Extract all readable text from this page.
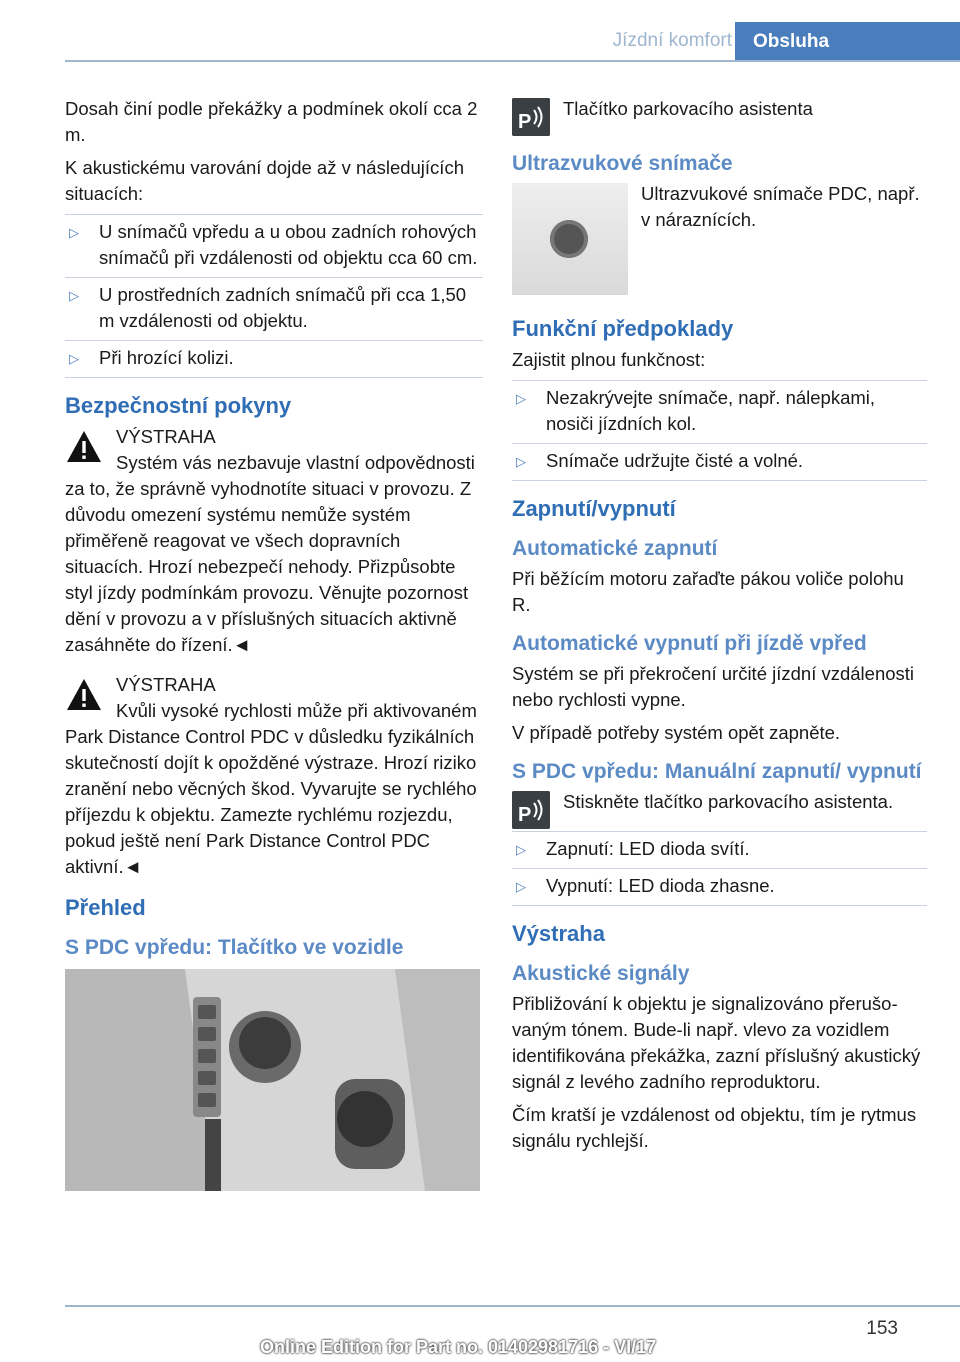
Jízdní komfort	Obsluha

Dosah činí podle překážky a podmínek okolí cca 2 m.

K akustickému varování dojde až v následujících situacích:

▷ U snímačů vpředu a u obou zadních rohových snímačů při vzdálenosti od objektu cca 60 cm.
▷ U prostředních zadních snímačů při cca 1,50 m vzdálenosti od objektu.
▷ Při hrozící kolizi.
Bezpečnostní pokyny

VÝSTRAHA

Systém vás nezbavuje vlastní odpovědnosti za to, že správně vyhodnotíte situaci v provozu. Z důvodu omezení systému nemůže systém přiměřeně reagovat ve všech dopravních situacích. Hrozí nebezpečí nehody. Přizpůsobte styl jízdy podmínkám provozu. Věnujte pozornost dění v provozu a v příslušných situacích aktivně zasáhněte do řízení.◄

VÝSTRAHA

Kvůli vysoké rychlosti může při aktivovaném Park Distance Control PDC v důsledku fyzikálních skutečností dojít k opožděné výstraze. Hrozí riziko zranění nebo věcných škod. Vyvarujte se rychlého příjezdu k objektu. Zamezte rychlému rozjezdu, pokud ještě není Park Distance Control PDC aktivní.◄

Přehled
S PDC vpředu: Tlačítko ve vozidle
P

Tlačítko parkovacího asistenta

Ultrazvukové snímače

Ultrazvukové snímače PDC, např. v náraznících.

Funkční předpoklady

Zajistit plnou funkčnost:

▷ Nezakrývejte snímače, např. nálepkami, nosiči jízdních kol.
▷ Snímače udržujte čisté a volné.
Zapnutí/vypnutí
Automatické zapnutí

Při běžícím motoru zařaďte pákou voliče polohu R.

Automatické vypnutí při jízdě vpřed

Systém se při překročení určité jízdní vzdálenosti nebo rychlosti vypne.

V případě potřeby systém opět zapněte.

S PDC vpředu: Manuální zapnutí/ vypnutí
P

Stiskněte tlačítko parkovacího asistenta.

▷ Zapnutí: LED dioda svítí.
▷ Vypnutí: LED dioda zhasne.
Výstraha
Akustické signály

Přibližování k objektu je signalizováno přerušovaným tónem. Bude-li např. vlevo za vozidlem identifikována překážka, zazní příslušný akustický signál z levého zadního reproduktoru.

Čím kratší je vzdálenost od objektu, tím je rytmus signálu rychlejší.

153
Online Edition for Part no. 01402981716 - VI/17
